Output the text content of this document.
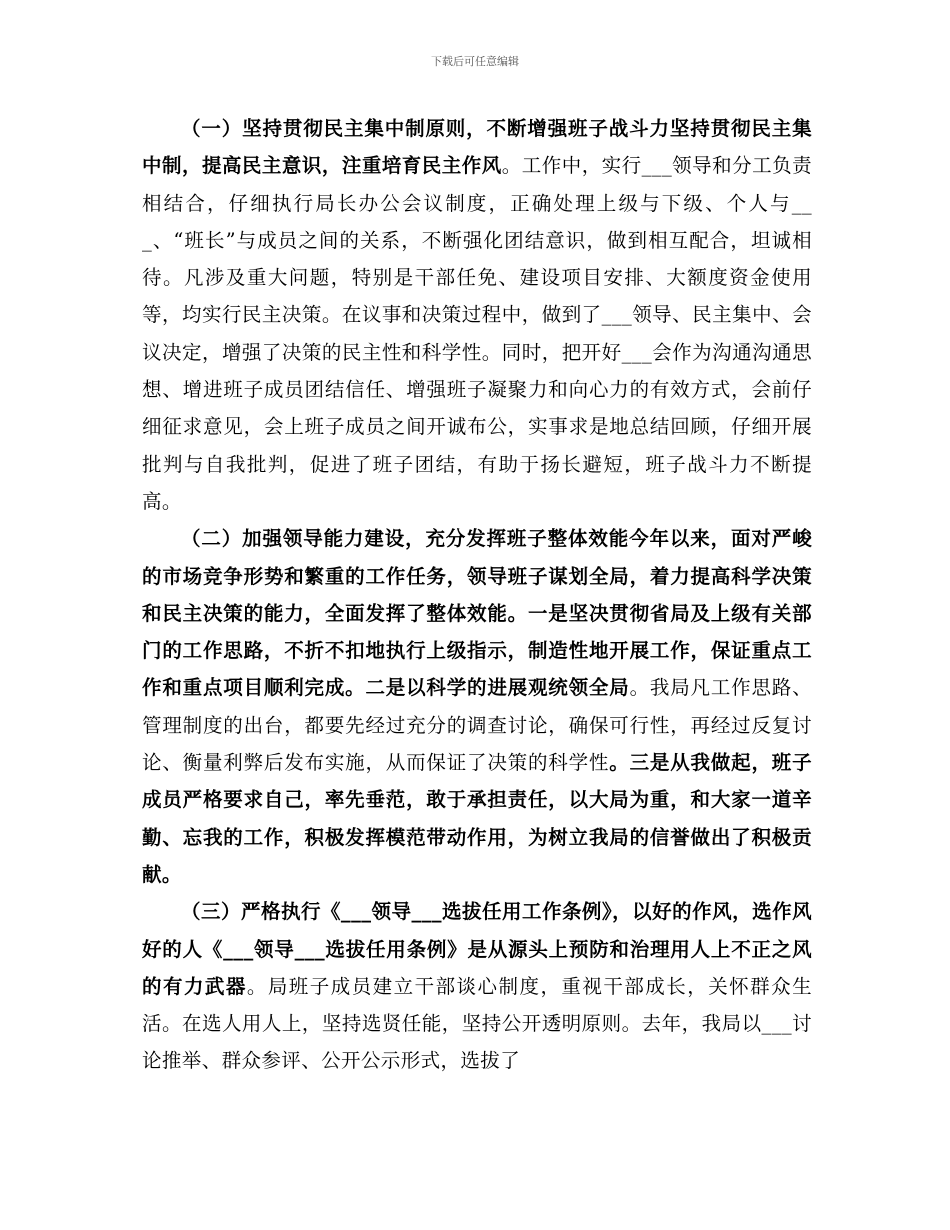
下载后可任意编辑

（一）坚持贯彻民主集中制原则，不断增强班子战斗力坚持贯彻民主集中制，提高民主意识，注重培育民主作风。工作中，实行___领导和分工负责相结合，仔细执行局长办公会议制度，正确处理上级与下级、个人与___、“班长”与成员之间的关系，不断强化团结意识，做到相互配合，坦诚相待。凡涉及重大问题，特别是干部任免、建设项目安排、大额度资金使用等，均实行民主决策。在议事和决策过程中，做到了___领导、民主集中、会议决定，增强了决策的民主性和科学性。同时，把开好___会作为沟通沟通思想、增进班子成员团结信任、增强班子凝聚力和向心力的有效方式，会前仔细征求意见，会上班子成员之间开诚布公，实事求是地总结回顾，仔细开展批判与自我批判，促进了班子团结，有助于扬长避短，班子战斗力不断提高。

（二）加强领导能力建设，充分发挥班子整体效能今年以来，面对严峻的市场竞争形势和繁重的工作任务，领导班子谋划全局，着力提高科学决策和民主决策的能力，全面发挥了整体效能。一是坚决贯彻省局及上级有关部门的工作思路，不折不扣地执行上级指示，制造性地开展工作，保证重点工作和重点项目顺利完成。二是以科学的进展观统领全局。我局凡工作思路、管理制度的出台，都要先经过充分的调查讨论，确保可行性，再经过反复讨论、衡量利弊后发布实施，从而保证了决策的科学性。三是从我做起，班子成员严格要求自己，率先垂范，敢于承担责任，以大局为重，和大家一道辛勤、忘我的工作，积极发挥模范带动作用，为树立我局的信誉做出了积极贡献。

（三）严格执行《___领导___选拔任用工作条例》，以好的作风，选作风好的人《___领导___选拔任用条例》是从源头上预防和治理用人上不正之风的有力武器。局班子成员建立干部谈心制度，重视干部成长，关怀群众生活。在选人用人上，坚持选贤任能，坚持公开透明原则。去年，我局以___讨论推举、群众参评、公开公示形式，选拔了
